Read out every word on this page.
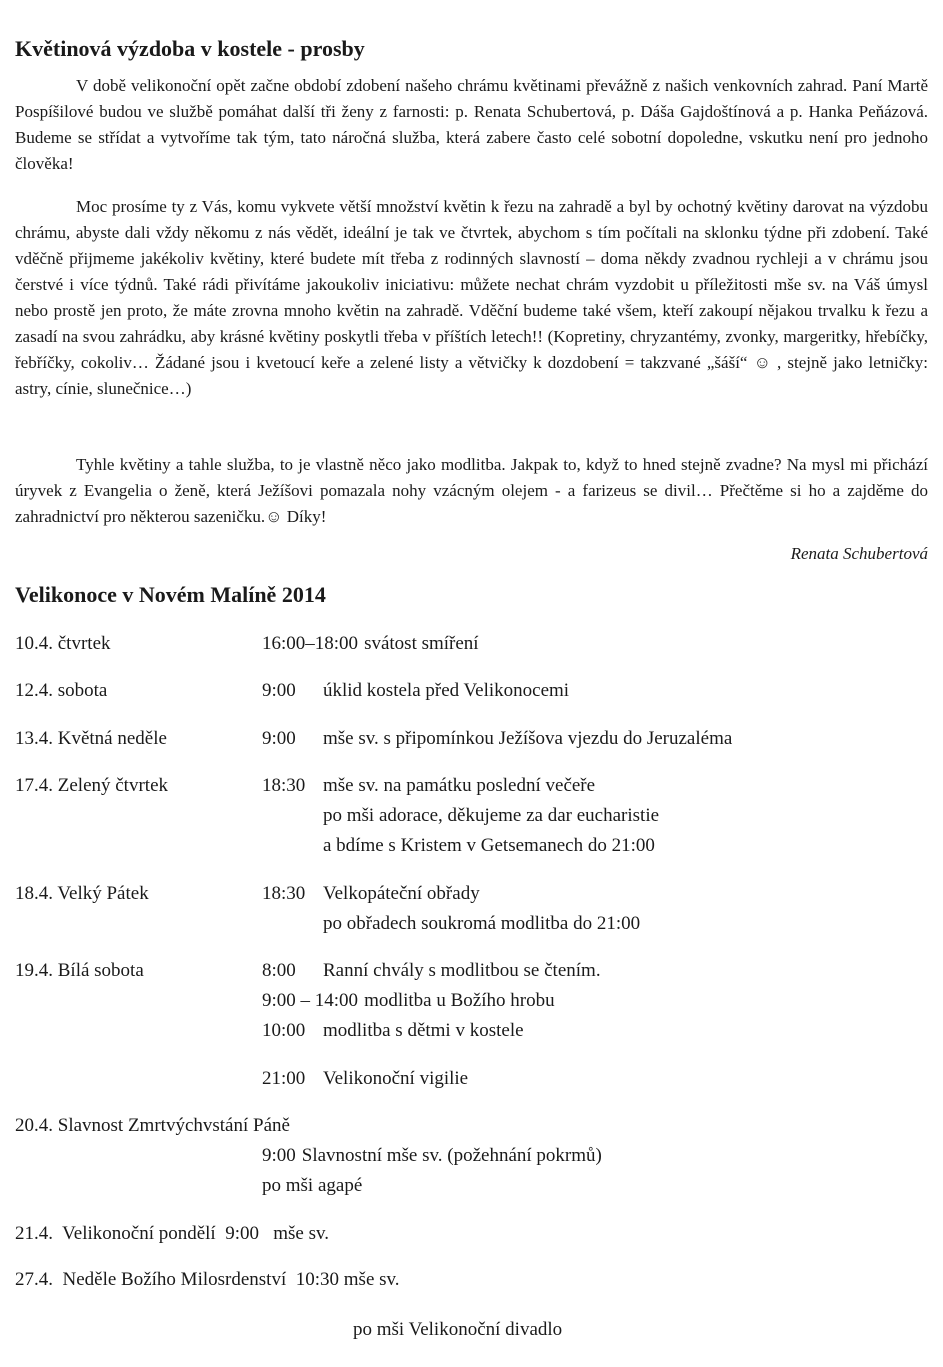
Květinová výzdoba v kostele - prosby

V době velikonoční opět začne období zdobení našeho chrámu květinami převážně z našich venkovních zahrad. Paní Martě Pospíšilové budou ve službě pomáhat další tři ženy z farnosti: p. Renata Schubertová, p. Dáša Gajdoštínová a p. Hanka Peňázová. Budeme se střídat a vytvoříme tak tým, tato náročná služba, která zabere často celé sobotní dopoledne, vskutku není pro jednoho člověka!

Moc prosíme ty z Vás, komu vykvete větší množství květin k řezu na zahradě a byl by ochotný květiny darovat na výzdobu chrámu, abyste dali vždy někomu z nás vědět, ideální je tak ve čtvrtek, abychom s tím počítali na sklonku týdne při zdobení. Také vděčně přijmeme jakékoliv květiny, které budete mít třeba z rodinných slavností – doma někdy zvadnou rychleji a v chrámu jsou čerstvé i více týdnů. Také rádi přivítáme jakoukoliv iniciativu: můžete nechat chrám vyzdobit u příležitosti mše sv. na Váš úmysl nebo prostě jen proto, že máte zrovna mnoho květin na zahradě. Vděční budeme také všem, kteří zakoupí nějakou trvalku k řezu a zasadí na svou zahrádku, aby krásné květiny poskytli třeba v příštích letech!! (Kopretiny, chryzantémy, zvonky, margeritky, hřebíčky, řebříčky, cokoliv… Žádané jsou i kvetoucí keře a zelené listy a větvičky k dozdobení = takzvané „šáší“ ☺ , stejně jako letničky: astry, cínie, slunečnice…)

Tyhle květiny a tahle služba, to je vlastně něco jako modlitba. Jakpak to, když to hned stejně zvadne? Na mysl mi přichází úryvek z Evangelia o ženě, která Ježíšovi pomazala nohy vzácným olejem - a farizeus se divil… Přečtěme si ho a zajděme do zahradnictví pro některou sazeničku.☺ Díky!

Renata Schubertová
Velikonoce v Novém Malíně 2014
10.4. čtvrtek	16:00–18:00 svátost smíření
12.4. sobota	9:00 úklid kostela před Velikonocemi
13.4. Květná neděle	9:00 mše sv. s připomínkou Ježíšova vjezdu do Jeruzaléma
17.4. Zelený čtvrtek	18:30 mše sv. na památku poslední večeře
po mši adorace, děkujeme za dar eucharistie
a bdíme s Kristem v Getsemanech do 21:00
18.4. Velký Pátek	18:30 Velkopáteční obřady
po obřadech soukromá modlitba do 21:00
19.4. Bílá sobota	8:00 Ranní chvály s modlitbou se čtením.
9:00 – 14:00 modlitba u Božího hrobu
10:00 modlitba s dětmi v kostele
21:00 Velikonoční vigilie
20.4. Slavnost Zmrtvýchvstání Páně
9:00 Slavnostní mše sv. (požehnání pokrmů)
po mši agapé
21.4.  Velikonoční pondělí  9:00   mše sv.
27.4.  Neděle Božího Milosrdenství  10:30 mše sv.
po mši Velikonoční divadlo
